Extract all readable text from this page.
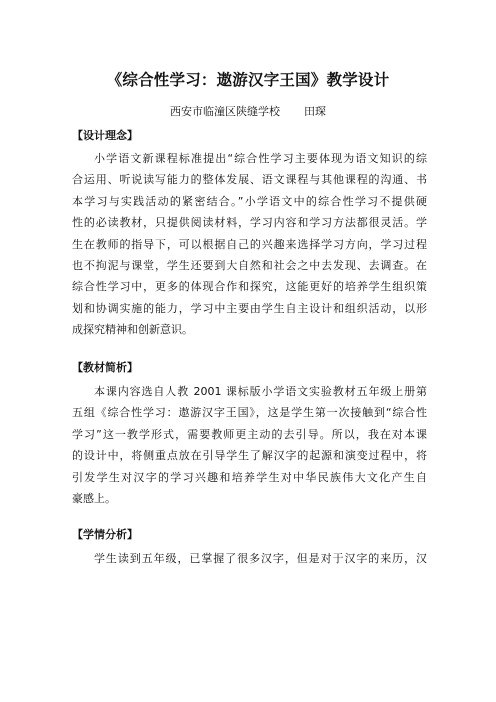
《综合性学习：遨游汉字王国》教学设计
西安市临潼区陕缝学校 田琛
【设计理念】
小学语文新课程标准提出“综合性学习主要体现为语文知识的综
合运用、听说读写能力的整体发展、语文课程与其他课程的沟通、书
本学习与实践活动的紧密结合。”小学语文中的综合性学习不提供硬
性的必读教材，只提供阅读材料，学习内容和学习方法都很灵活。学
生在教师的指导下，可以根据自己的兴趣来选择学习方向，学习过程
也不拘泥与课堂，学生还要到大自然和社会之中去发现、去调查。在
综合性学习中，更多的体现合作和探究，这能更好的培养学生组织策
划和协调实施的能力，学习中主要由学生自主设计和组织活动，以形
成探究精神和创新意识。
【教材简析】
本课内容选自人教 2001 课标版小学语文实验教材五年级上册第
五组《综合性学习：遨游汉字王国》，这是学生第一次接触到“综合性
学习”这一教学形式，需要教师更主动的去引导。所以，我在对本课
的设计中，将侧重点放在引导学生了解汉字的起源和演变过程中，将
引发学生对汉字的学习兴趣和培养学生对中华民族伟大文化产生自
豪感上。
【学情分析】
学生读到五年级，已掌握了很多汉字，但是对于汉字的来历，汉
